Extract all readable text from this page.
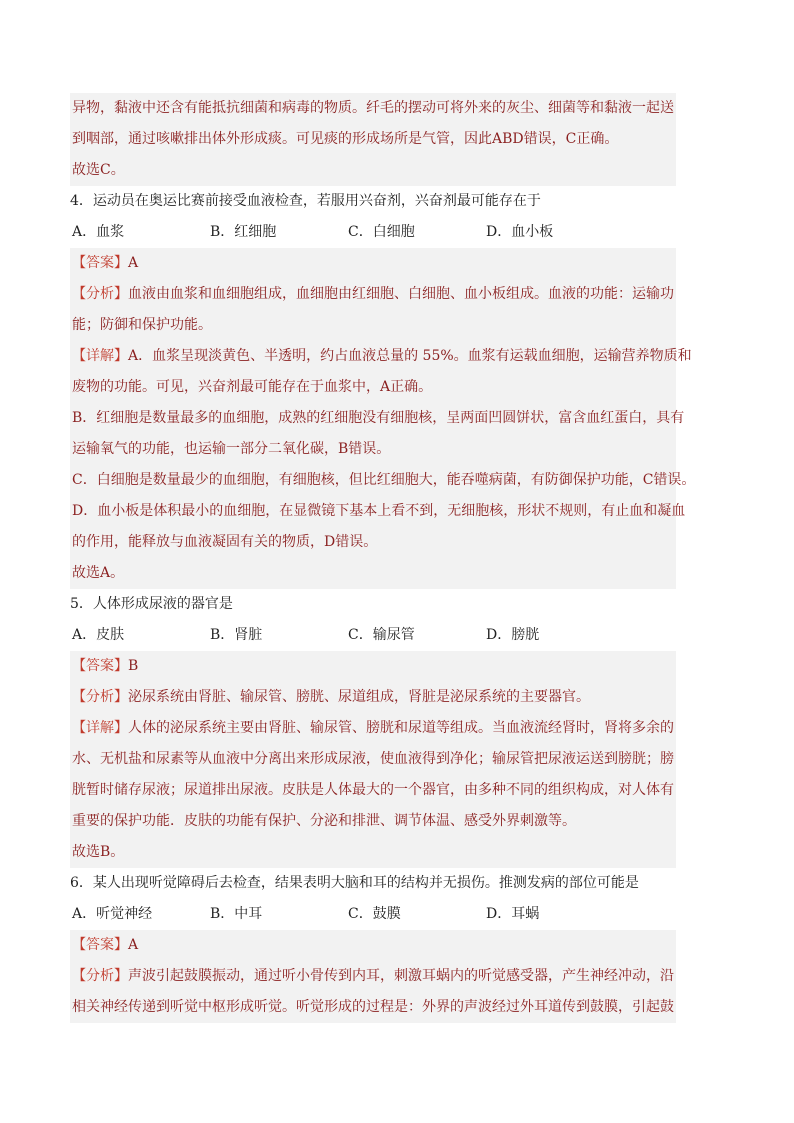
异物，黏液中还含有能抵抗细菌和病毒的物质。纤毛的摆动可将外来的灰尘、细菌等和黏液一起送
到咽部，通过咳嗽排出体外形成痰。可见痰的形成场所是气管，因此ABD错误，C正确。
故选C。
4．运动员在奥运比赛前接受血液检查，若服用兴奋剂，兴奋剂最可能存在于
A．血浆	B．红细胞	C．白细胞	D．血小板
【答案】A
【分析】血液由血浆和血细胞组成，血细胞由红细胞、白细胞、血小板组成。血液的功能：运输功
能；防御和保护功能。
【详解】A．血浆呈现淡黄色、半透明，约占血液总量的 55%。血浆有运载血细胞，运输营养物质和
废物的功能。可见，兴奋剂最可能存在于血浆中，A正确。
B．红细胞是数量最多的血细胞，成熟的红细胞没有细胞核，呈两面凹圆饼状，富含血红蛋白，具有
运输氧气的功能，也运输一部分二氧化碳，B错误。
C．白细胞是数量最少的血细胞，有细胞核，但比红细胞大，能吞噬病菌，有防御保护功能，C错误。
D．血小板是体积最小的血细胞，在显微镜下基本上看不到，无细胞核，形状不规则，有止血和凝血
的作用，能释放与血液凝固有关的物质，D错误。
故选A。
5．人体形成尿液的器官是
A．皮肤	B．肾脏	C．输尿管	D．膀胱
【答案】B
【分析】泌尿系统由肾脏、输尿管、膀胱、尿道组成，肾脏是泌尿系统的主要器官。
【详解】人体的泌尿系统主要由肾脏、输尿管、膀胱和尿道等组成。当血液流经肾时，肾将多余的
水、无机盐和尿素等从血液中分离出来形成尿液，使血液得到净化；输尿管把尿液运送到膀胱；膀
胱暂时储存尿液；尿道排出尿液。皮肤是人体最大的一个器官，由多种不同的组织构成，对人体有
重要的保护功能．皮肤的功能有保护、分泌和排泄、调节体温、感受外界刺激等。
故选B。
6．某人出现听觉障碍后去检查，结果表明大脑和耳的结构并无损伤。推测发病的部位可能是
A．听觉神经	B．中耳	C．鼓膜	D．耳蜗
【答案】A
【分析】声波引起鼓膜振动，通过听小骨传到内耳，刺激耳蜗内的听觉感受器，产生神经冲动，沿
相关神经传递到听觉中枢形成听觉。听觉形成的过程是：外界的声波经过外耳道传到鼓膜，引起鼓
